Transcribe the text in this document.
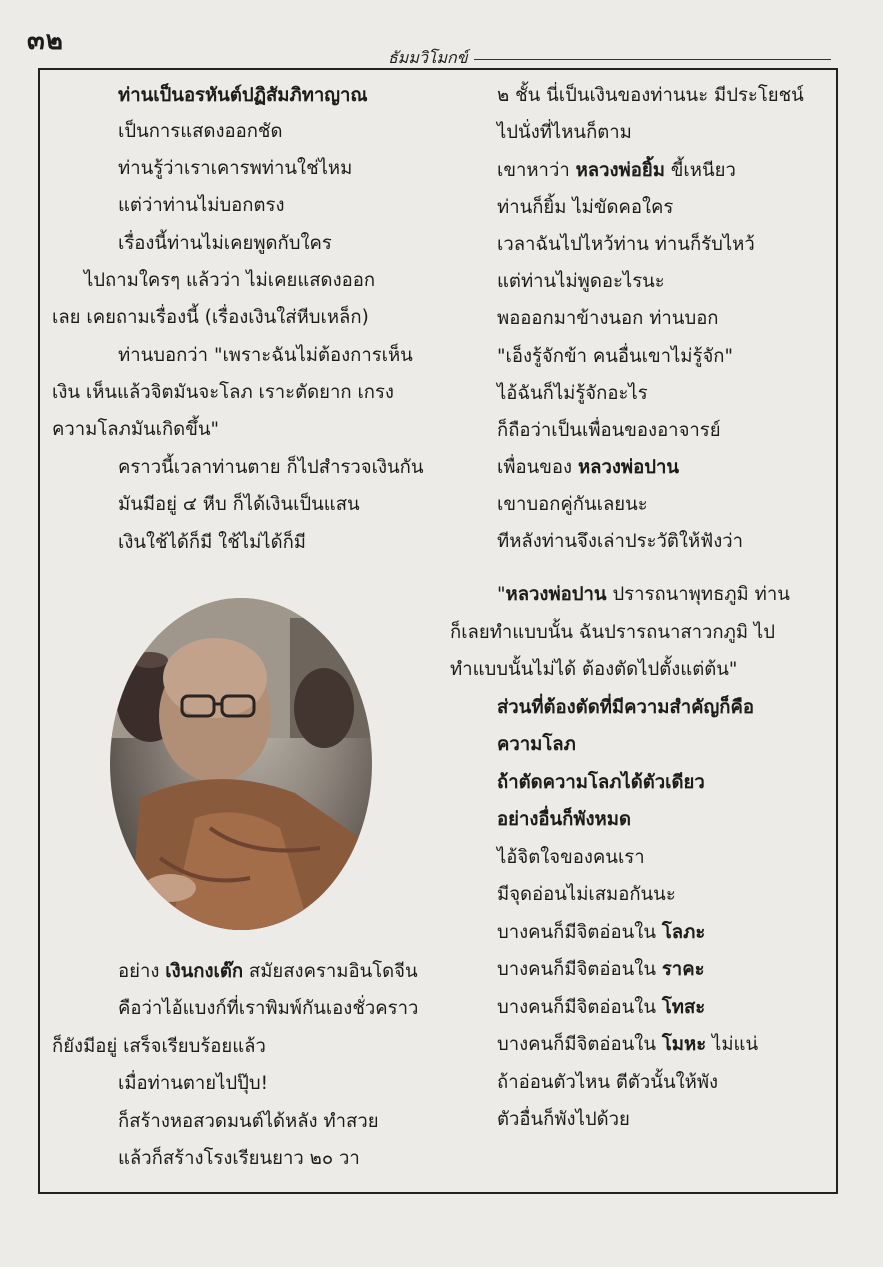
๓๒
ธัมมวิโมกข์
ท่านเป็นอรหันต์ปฏิสัมภิทาญาณ
เป็นการแสดงออกชัด
ท่านรู้ว่าเราเคารพท่านใช่ไหม
แต่ว่าท่านไม่บอกตรง
เรื่องนี้ท่านไม่เคยพูดกับใคร
ไปถามใครๆ แล้วว่า ไม่เคยแสดงออก
เลย เคยถามเรื่องนี้ (เรื่องเงินใส่หีบเหล็ก)
ท่านบอกว่า "เพราะฉันไม่ต้องการเห็น
เงิน เห็นแล้วจิตมันจะโลภ เราะตัดยาก เกรง
ความโลภมันเกิดขึ้น"
คราวนี้เวลาท่านตาย ก็ไปสำรวจเงินกัน
มันมีอยู่ ๔ หีบ ก็ได้เงินเป็นแสน
เงินใช้ได้ก็มี ใช้ไม่ได้ก็มี
อย่าง เงินกงเต๊ก สมัยสงครามอินโดจีน
คือว่าไอ้แบงก์ที่เราพิมพ์กันเองชั่วคราว
ก็ยังมีอยู่ เสร็จเรียบร้อยแล้ว
เมื่อท่านตายไปปุ๊บ!
ก็สร้างหอสวดมนต์ได้หลัง ทำสวย
แล้วก็สร้างโรงเรียนยาว ๒๐ วา
๒ ชั้น นี่เป็นเงินของท่านนะ มีประโยชน์
ไปนั่งที่ไหนก็ตาม
เขาหาว่า หลวงพ่อยิ้ม ขี้เหนียว
ท่านก็ยิ้ม ไม่ขัดคอใคร
เวลาฉันไปไหว้ท่าน ท่านก็รับไหว้
แต่ท่านไม่พูดอะไรนะ
พอออกมาข้างนอก ท่านบอก
"เอ็งรู้จักข้า คนอื่นเขาไม่รู้จัก"
ไอ้ฉันก็ไม่รู้จักอะไร
ก็ถือว่าเป็นเพื่อนของอาจารย์
เพื่อนของ หลวงพ่อปาน
เขาบอกคู่กันเลยนะ
ทีหลังท่านจึงเล่าประวัติให้ฟังว่า
"หลวงพ่อปาน ปรารถนาพุทธภูมิ ท่าน
ก็เลยทำแบบนั้น ฉันปรารถนาสาวกภูมิ ไป
ทำแบบนั้นไม่ได้ ต้องตัดไปตั้งแต่ต้น"
ส่วนที่ต้องตัดที่มีความสำคัญก็คือ
ความโลภ
ถ้าตัดความโลภได้ตัวเดียว
อย่างอื่นก็พังหมด
ไอ้จิตใจของคนเรา
มีจุดอ่อนไม่เสมอกันนะ
บางคนก็มีจิตอ่อนใน โลภะ
บางคนก็มีจิตอ่อนใน ราคะ
บางคนก็มีจิตอ่อนใน โทสะ
บางคนก็มีจิตอ่อนใน โมหะ ไม่แน่
ถ้าอ่อนตัวไหน ตีตัวนั้นให้พัง
ตัวอื่นก็พังไปด้วย
